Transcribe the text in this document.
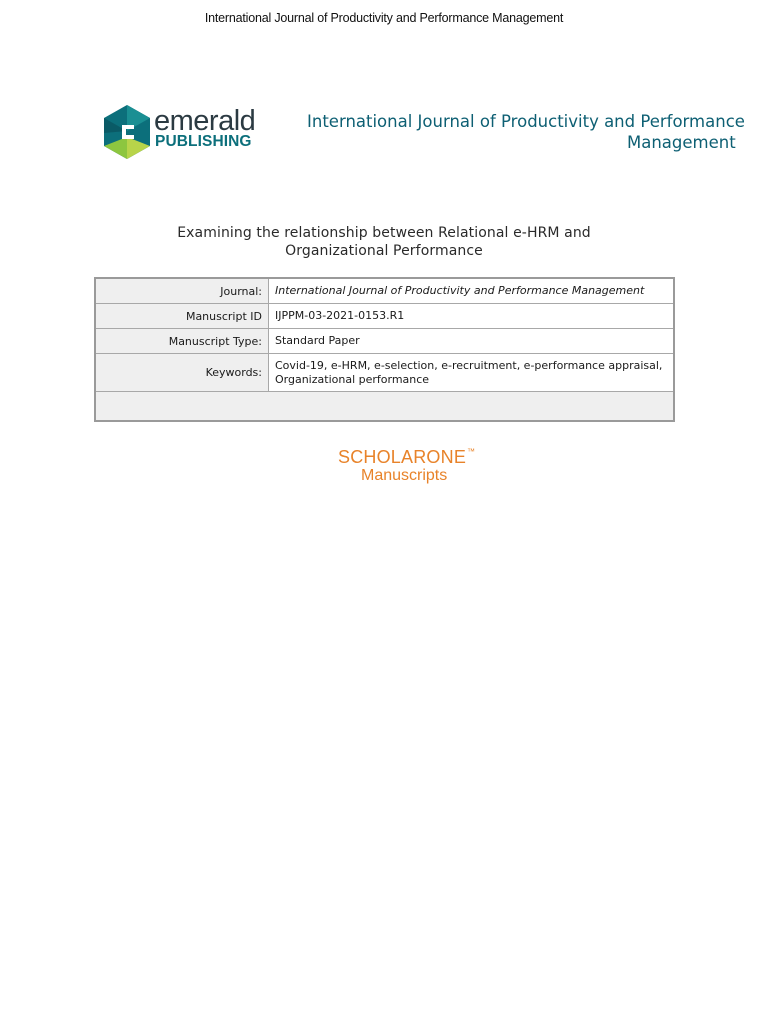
International Journal of Productivity and Performance Management
emerald
PUBLISHING
International Journal of Productivity and Performance
Management
Examining the relationship between Relational e-HRM and
Organizational Performance
Journal:	International Journal of Productivity and Performance Management
Manuscript ID	IJPPM-03-2021-0153.R1
Manuscript Type:	Standard Paper
Keywords:	Covid-19, e-HRM, e-selection, e-recruitment, e-performance appraisal,
Organizational performance

SCHOLARONE™
Manuscripts
